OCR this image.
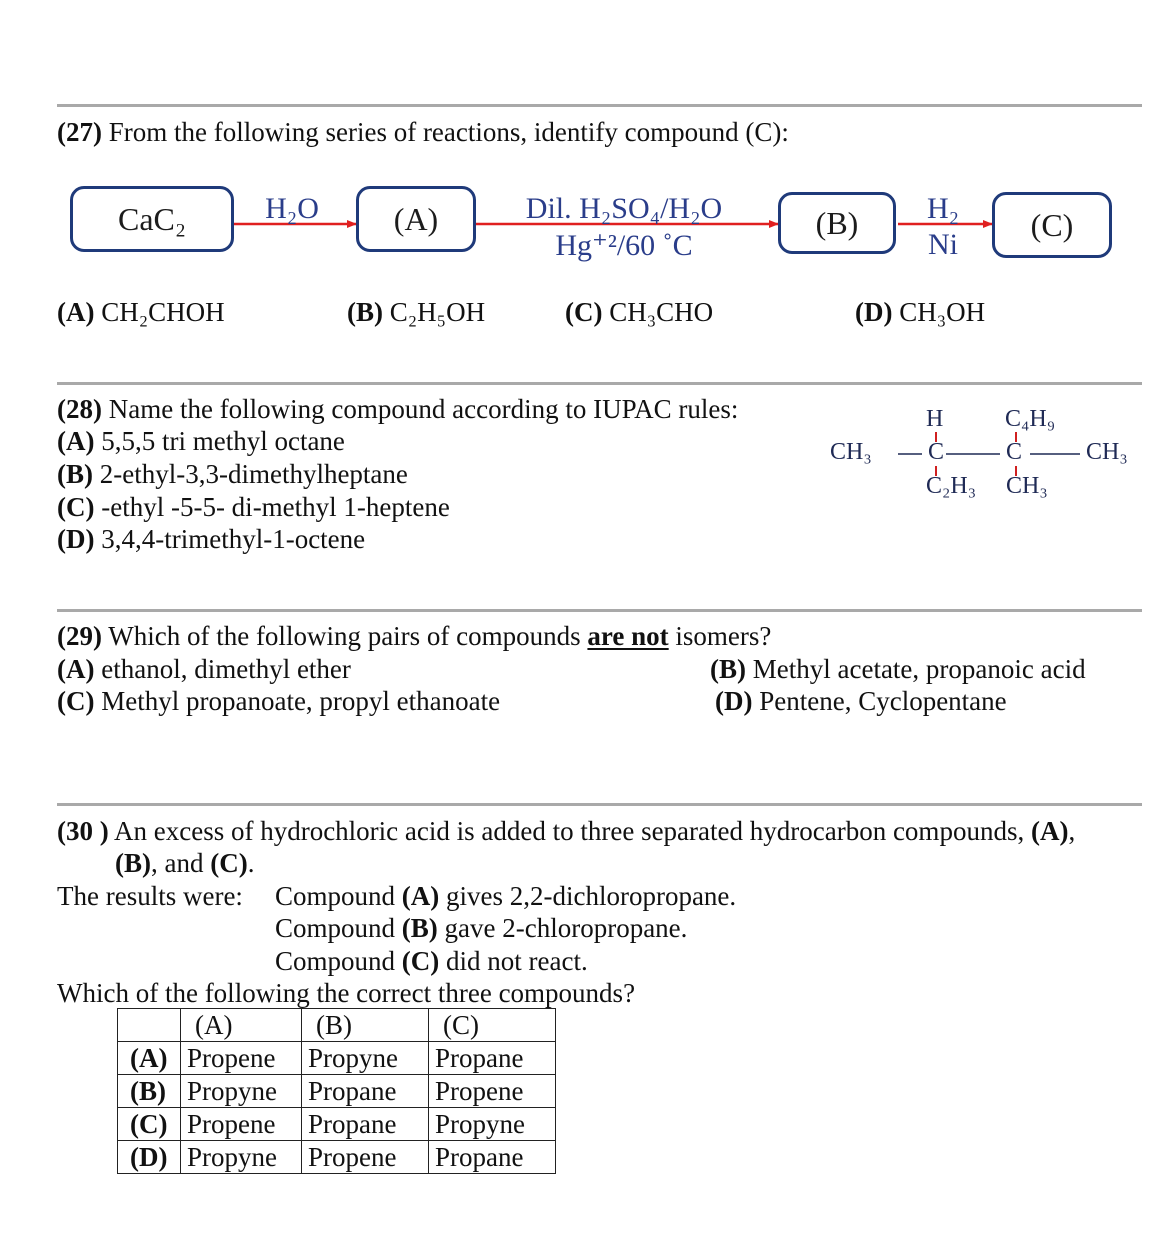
(27) From the following series of reactions, identify compound (C):
CaC₂	H₂O	(A)	Dil. H₂SO₄/H₂O
Hg⁺²/60 ˚C
(B)	H₂
Ni
(C)
(A) CH₂CHOH	(B) C₂H₅OH	(C) CH₃CHO	(D) CH₃OH
(28) Name the following compound according to IUPAC rules:
(A) 5,5,5 tri methyl octane
(B) 2-ethyl-3,3-dimethylheptane
(C) -ethyl -5-5- di-methyl 1-heptene
(D) 3,4,4-trimethyl-1-octene
H	C₄H₉
CH₃ C	C	CH₃
C₂H₃ CH₃
(29) Which of the following pairs of compounds are not isomers?
(A) ethanol, dimethyl ether	(B) Methyl acetate, propanoic acid
(C) Methyl propanoate, propyl ethanoate	(D) Pentene, Cyclopentane
(30 ) An excess of hydrochloric acid is added to three separated hydrocarbon compounds, (A),
(B), and (C).
The results were: Compound (A) gives 2,2-dichloropropane.
Compound (B) gave 2-chloropropane.
Compound (C) did not react.
Which of the following the correct three compounds?
	(A)	(B)	(C)
(A)	Propene	Propyne	Propane
(B)	Propyne	Propane	Propene
(C)	Propene	Propane	Propyne
(D)	Propyne	Propene	Propane
